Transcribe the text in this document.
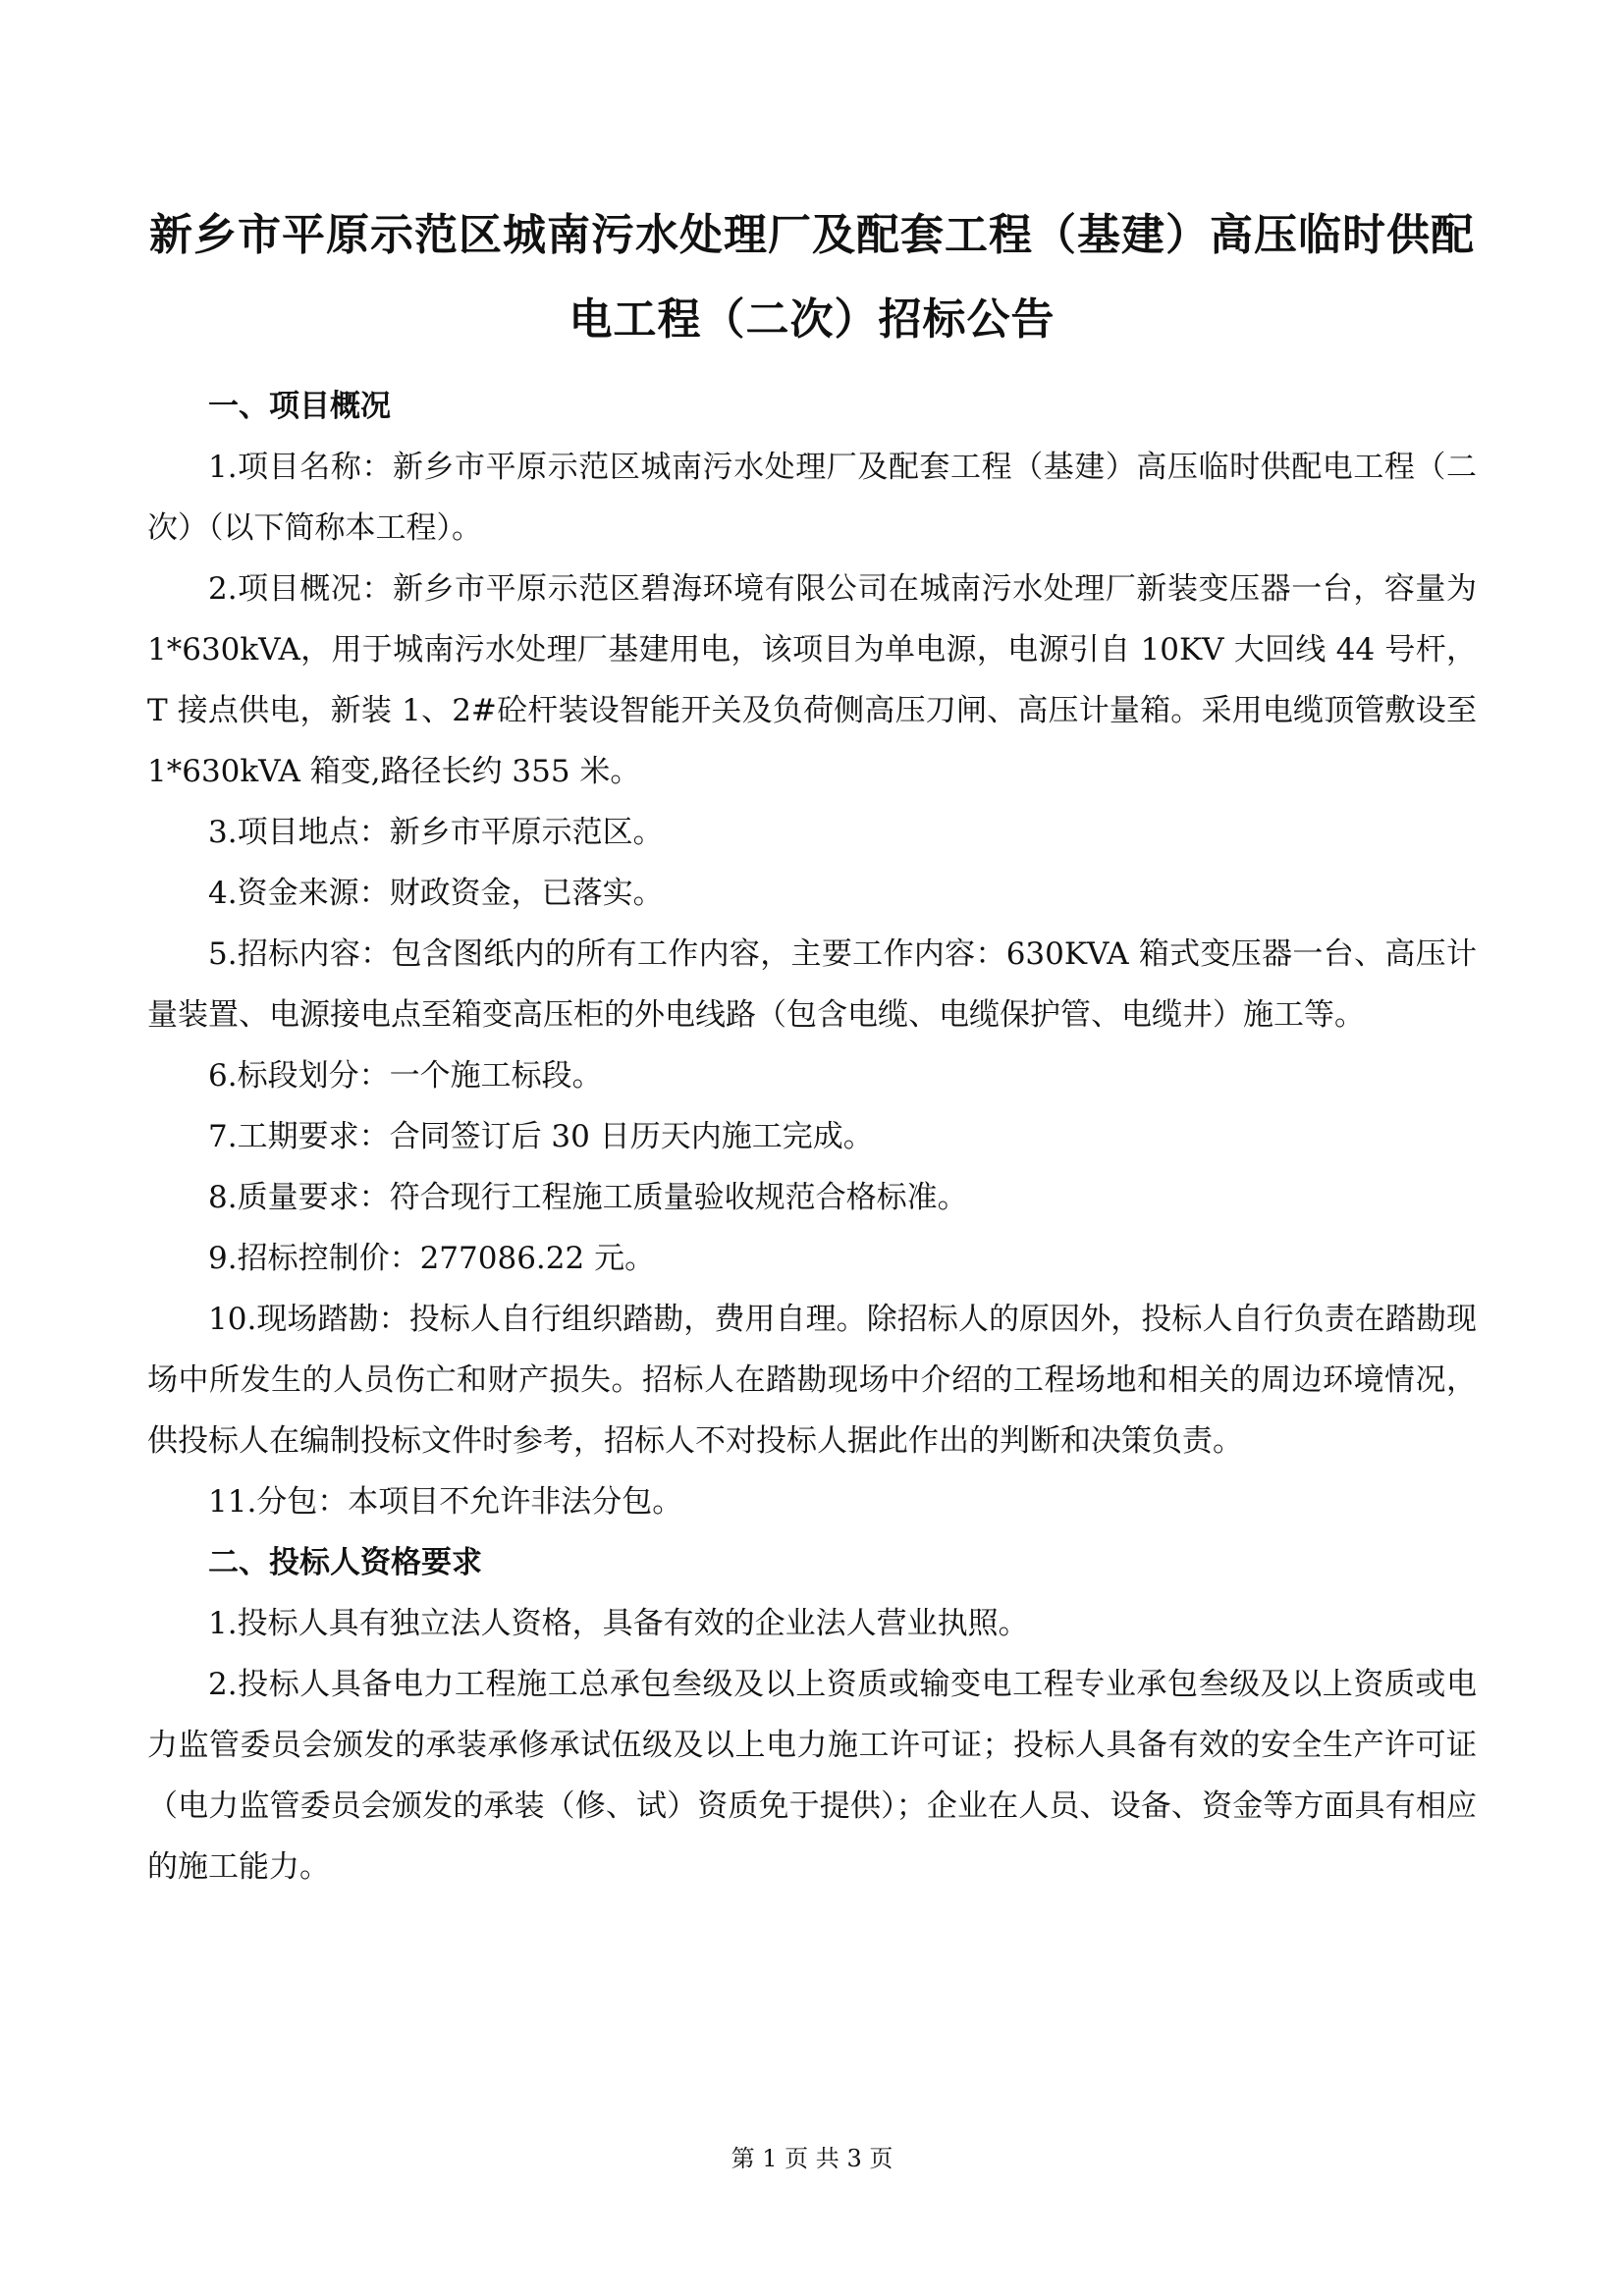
新乡市平原示范区城南污水处理厂及配套工程（基建）高压临时供配
电工程（二次）招标公告
一、项目概况

1.项目名称：新乡市平原示范区城南污水处理厂及配套工程（基建）高压临时供配电工程（二次）（以下简称本工程）。

2.项目概况：新乡市平原示范区碧海环境有限公司在城南污水处理厂新装变压器一台，容量为 1*630kVA，用于城南污水处理厂基建用电，该项目为单电源，电源引自 10KV 大回线 44 号杆，T 接点供电，新装 1、2#砼杆装设智能开关及负荷侧高压刀闸、高压计量箱。采用电缆顶管敷设至 1*630kVA 箱变,路径长约 355 米。

3.项目地点：新乡市平原示范区。

4.资金来源：财政资金，已落实。

5.招标内容：包含图纸内的所有工作内容，主要工作内容：630KVA 箱式变压器一台、高压计量装置、电源接电点至箱变高压柜的外电线路（包含电缆、电缆保护管、电缆井）施工等。

6.标段划分：一个施工标段。

7.工期要求：合同签订后 30 日历天内施工完成。

8.质量要求：符合现行工程施工质量验收规范合格标准。

9.招标控制价：277086.22 元。

10.现场踏勘：投标人自行组织踏勘，费用自理。除招标人的原因外，投标人自行负责在踏勘现场中所发生的人员伤亡和财产损失。招标人在踏勘现场中介绍的工程场地和相关的周边环境情况，供投标人在编制投标文件时参考，招标人不对投标人据此作出的判断和决策负责。

11.分包：本项目不允许非法分包。

二、投标人资格要求

1.投标人具有独立法人资格，具备有效的企业法人营业执照。

2.投标人具备电力工程施工总承包叁级及以上资质或输变电工程专业承包叁级及以上资质或电力监管委员会颁发的承装承修承试伍级及以上电力施工许可证；投标人具备有效的安全生产许可证（电力监管委员会颁发的承装（修、试）资质免于提供）；企业在人员、设备、资金等方面具有相应的施工能力。

第 1 页 共 3 页
